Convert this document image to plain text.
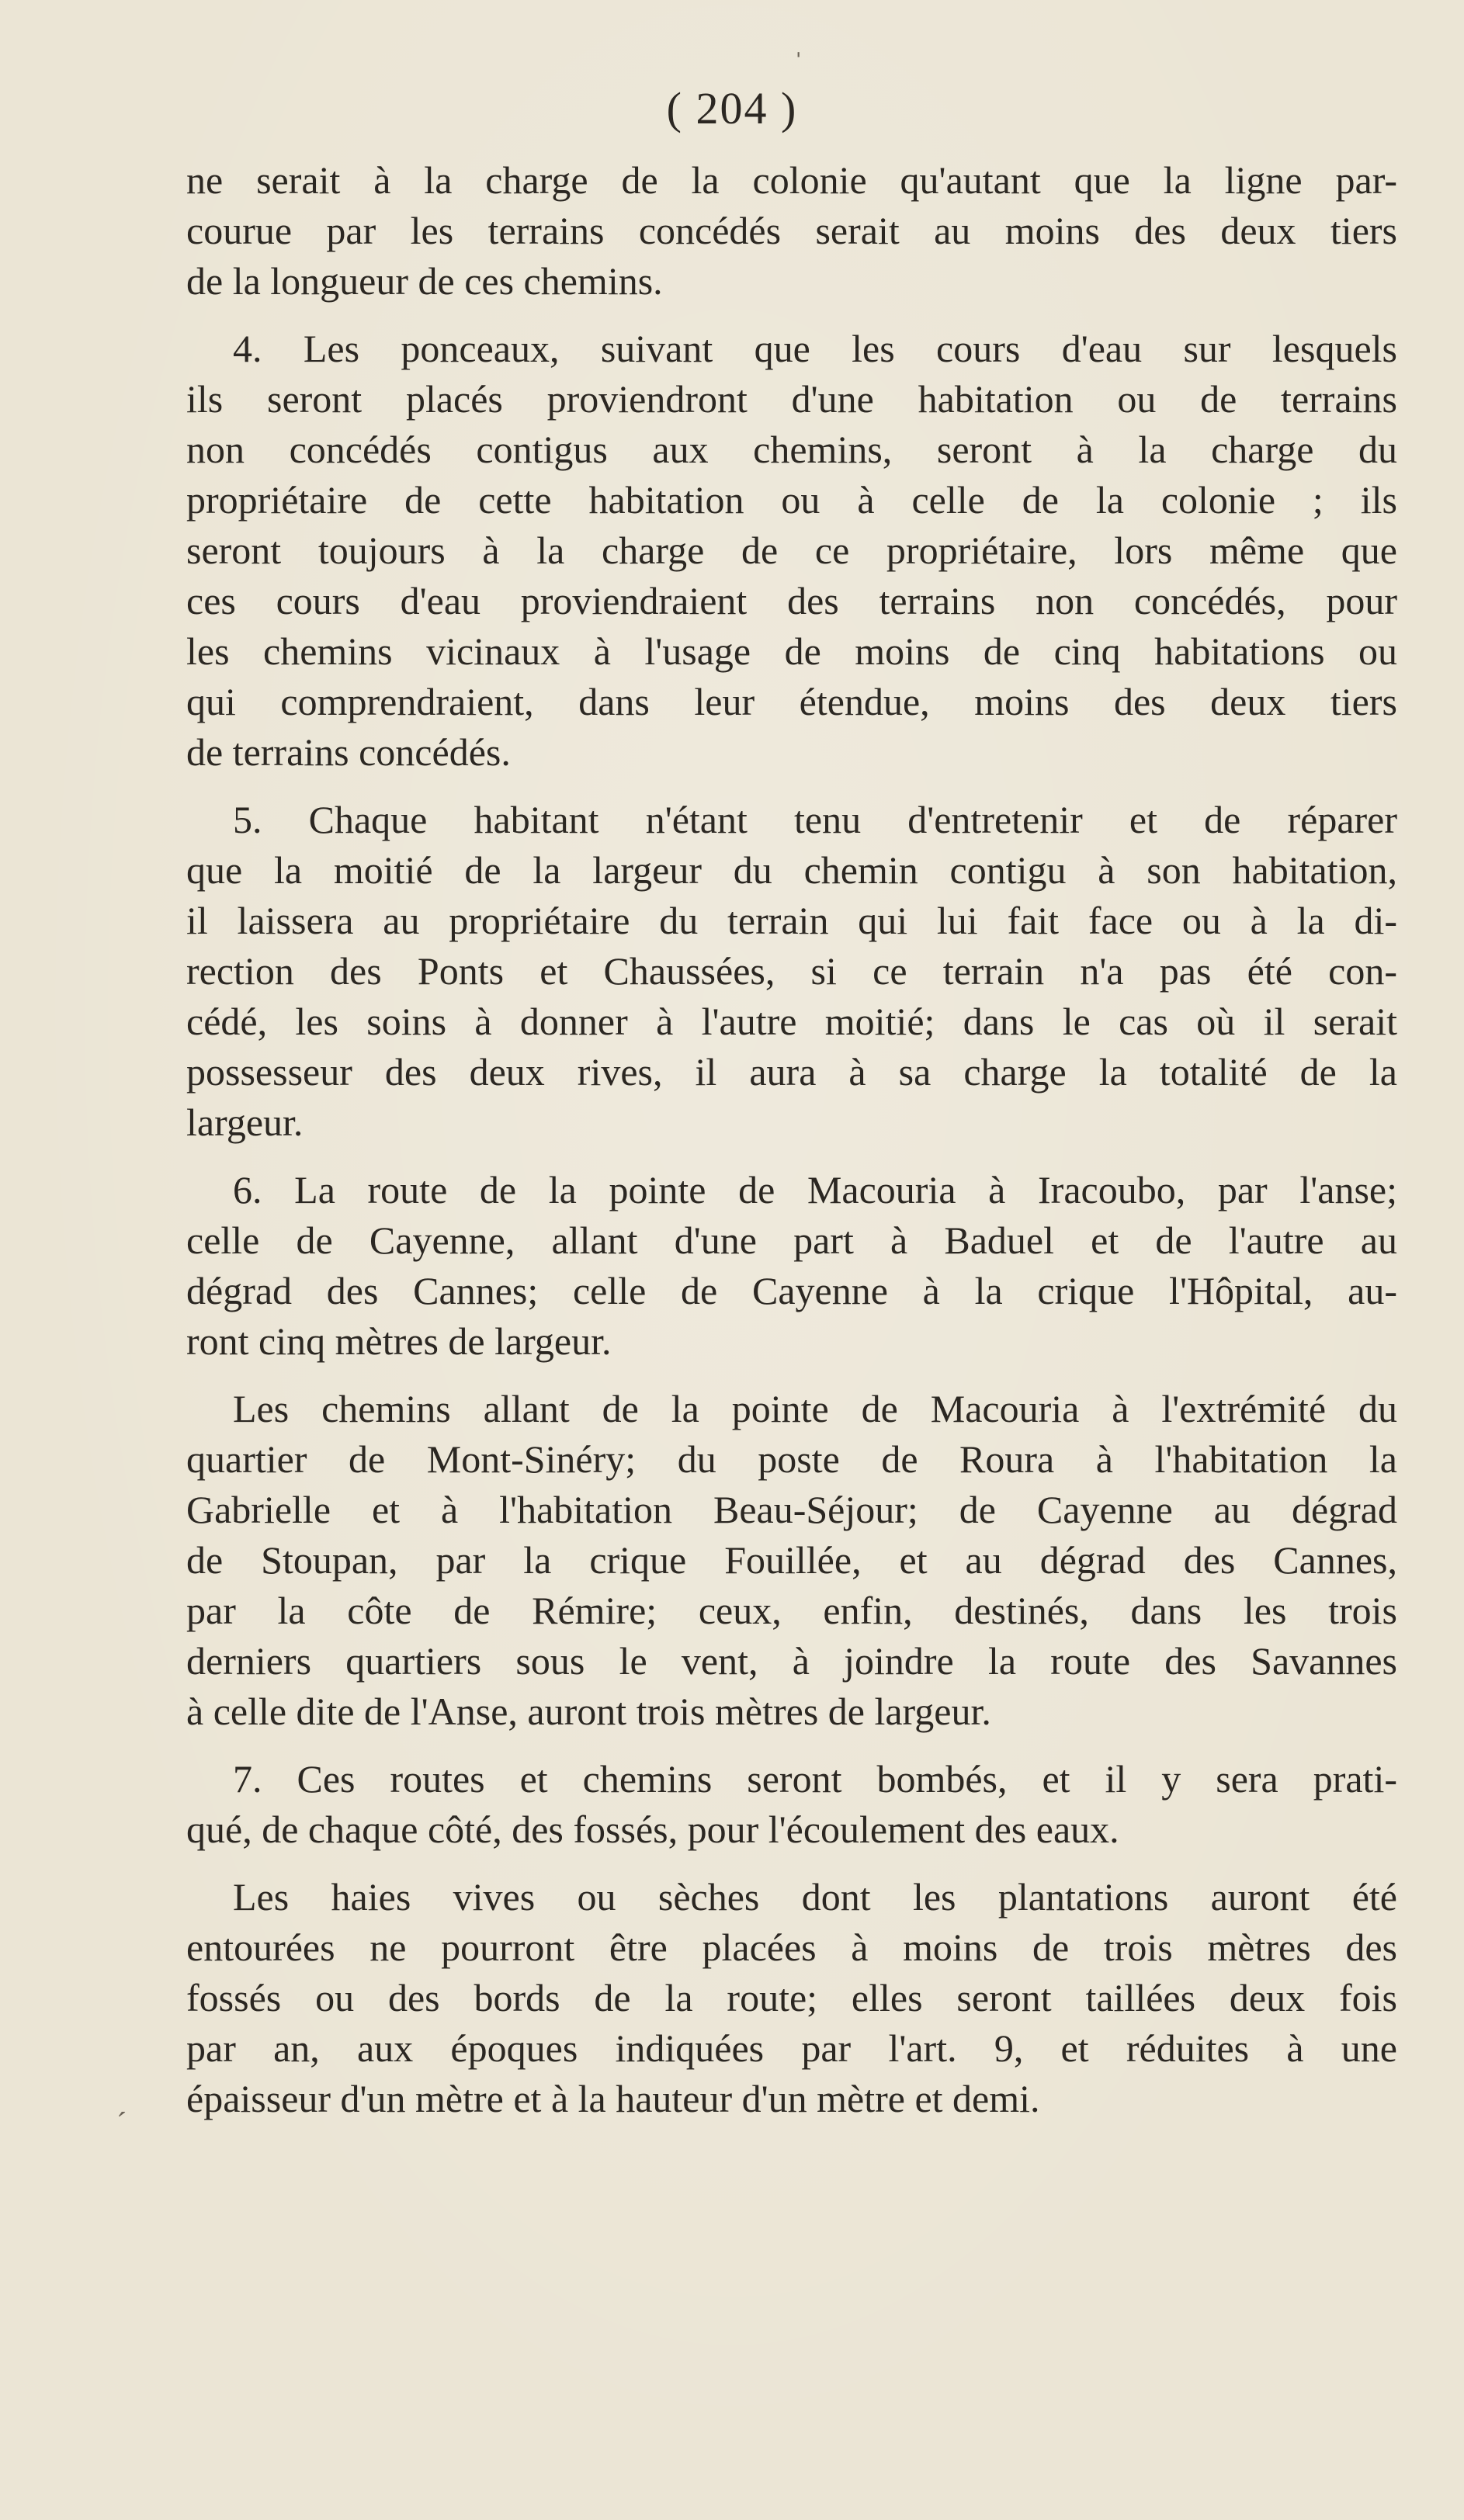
( 204 )
ˈ
ˊ
ne serait à la charge de la colonie qu'autant que la ligne par-
courue par les terrains concédés serait au moins des deux tiers
de la longueur de ces chemins.
4. Les ponceaux, suivant que les cours d'eau sur lesquels
ils seront placés proviendront d'une habitation ou de terrains
non concédés contigus aux chemins, seront à la charge du
propriétaire de cette habitation ou à celle de la colonie ; ils
seront toujours à la charge de ce propriétaire, lors même que
ces cours d'eau proviendraient des terrains non concédés, pour
les chemins vicinaux à l'usage de moins de cinq habitations ou
qui comprendraient, dans leur étendue, moins des deux tiers
de terrains concédés.
5. Chaque habitant n'étant tenu d'entretenir et de réparer
que la moitié de la largeur du chemin contigu à son habitation,
il laissera au propriétaire du terrain qui lui fait face ou à la di-
rection des Ponts et Chaussées, si ce terrain n'a pas été con-
cédé, les soins à donner à l'autre moitié; dans le cas où il serait
possesseur des deux rives, il aura à sa charge la totalité de la
largeur.
6. La route de la pointe de Macouria à Iracoubo, par l'anse;
celle de Cayenne, allant d'une part à Baduel et de l'autre au
dégrad des Cannes; celle de Cayenne à la crique l'Hôpital, au-
ront cinq mètres de largeur.
Les chemins allant de la pointe de Macouria à l'extrémité du
quartier de Mont-Sinéry; du poste de Roura à l'habitation la
Gabrielle et à l'habitation Beau-Séjour; de Cayenne au dégrad
de Stoupan, par la crique Fouillée, et au dégrad des Cannes,
par la côte de Rémire; ceux, enfin, destinés, dans les trois
derniers quartiers sous le vent, à joindre la route des Savannes
à celle dite de l'Anse, auront trois mètres de largeur.
7. Ces routes et chemins seront bombés, et il y sera prati-
qué, de chaque côté, des fossés, pour l'écoulement des eaux.
Les haies vives ou sèches dont les plantations auront été
entourées ne pourront être placées à moins de trois mètres des
fossés ou des bords de la route; elles seront taillées deux fois
par an, aux époques indiquées par l'art. 9, et réduites à une
épaisseur d'un mètre et à la hauteur d'un mètre et demi.
